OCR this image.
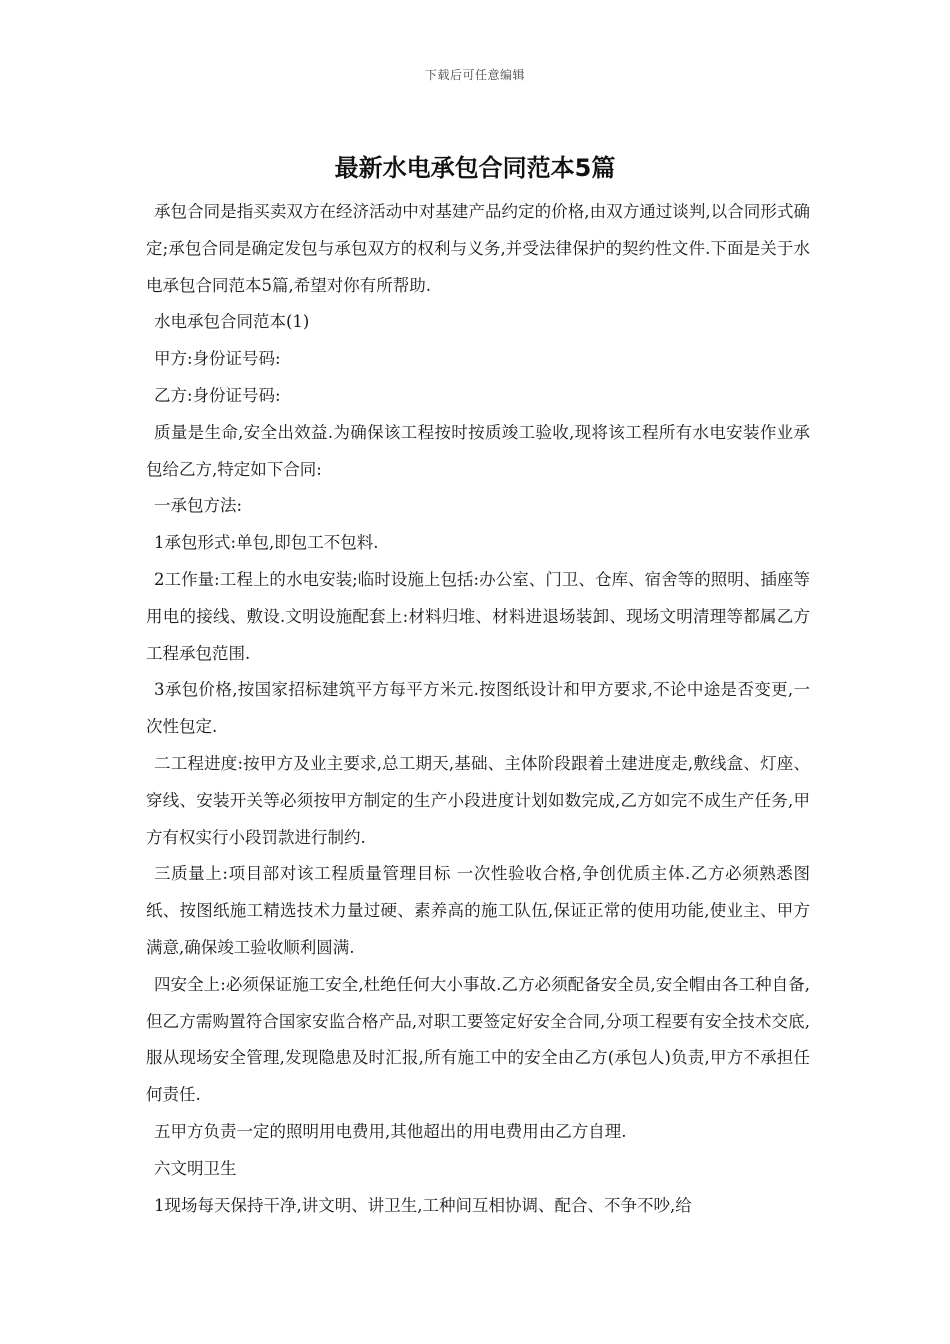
下载后可任意编辑
最新水电承包合同范本5篇

承包合同是指买卖双方在经济活动中对基建产品约定的价格,由双方通过谈判,以合同形式确定;承包合同是确定发包与承包双方的权利与义务,并受法律保护的契约性文件.下面是关于水电承包合同范本5篇,希望对你有所帮助.

水电承包合同范本(1)

甲方:身份证号码:

乙方:身份证号码:

质量是生命,安全出效益.为确保该工程按时按质竣工验收,现将该工程所有水电安装作业承包给乙方,特定如下合同:

一承包方法:

1承包形式:单包,即包工不包料.

2工作量:工程上的水电安装;临时设施上包括:办公室、门卫、仓库、宿舍等的照明、插座等用电的接线、敷设.文明设施配套上:材料归堆、材料进退场装卸、现场文明清理等都属乙方工程承包范围.

3承包价格,按国家招标建筑平方每平方米元.按图纸设计和甲方要求,不论中途是否变更,一次性包定.

二工程进度:按甲方及业主要求,总工期天,基础、主体阶段跟着土建进度走,敷线盒、灯座、穿线、安装开关等必须按甲方制定的生产小段进度计划如数完成,乙方如完不成生产任务,甲方有权实行小段罚款进行制约.

三质量上:项目部对该工程质量管理目标 一次性验收合格,争创优质主体.乙方必须熟悉图纸、按图纸施工精选技术力量过硬、素养高的施工队伍,保证正常的使用功能,使业主、甲方满意,确保竣工验收顺利圆满.

四安全上:必须保证施工安全,杜绝任何大小事故.乙方必须配备安全员,安全帽由各工种自备,但乙方需购置符合国家安监合格产品,对职工要签定好安全合同,分项工程要有安全技术交底,服从现场安全管理,发现隐患及时汇报,所有施工中的安全由乙方(承包人)负责,甲方不承担任何责任.

五甲方负责一定的照明用电费用,其他超出的用电费用由乙方自理.

六文明卫生

1现场每天保持干净,讲文明、讲卫生,工种间互相协调、配合、不争不吵,给
